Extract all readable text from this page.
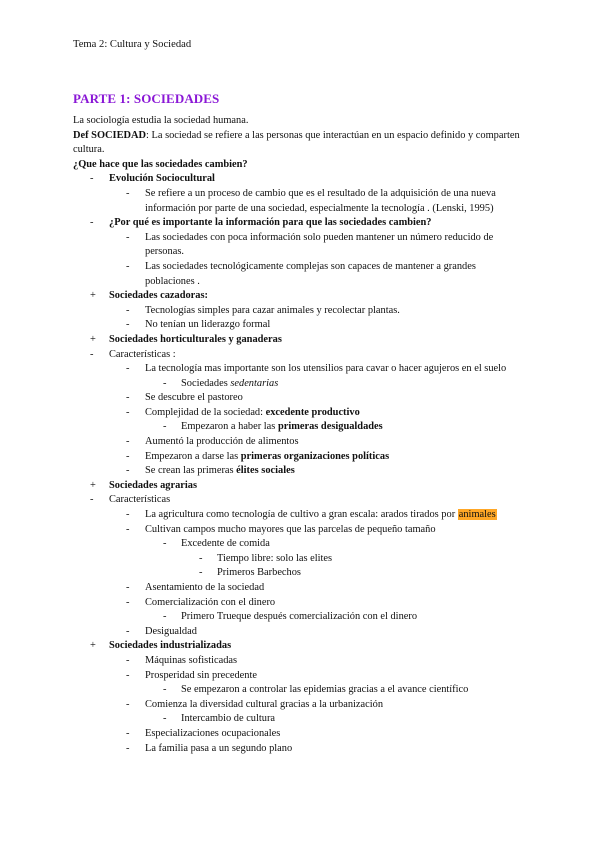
Tema 2: Cultura y Sociedad
PARTE 1: SOCIEDADES

La sociología estudia la sociedad humana.

Def SOCIEDAD: La sociedad se refiere a las personas que interactúan en un espacio definido y comparten cultura.

¿Que hace que las sociedades cambien?

- Evolución Sociocultural
- Se refiere a un proceso de cambio que es el resultado de la adquisición de una nueva información por parte de una sociedad, especialmente la tecnología . (Lenski, 1995)
- ¿Por qué es importante la información para que las sociedades cambien?
- Las sociedades con poca información solo pueden mantener un número reducido de personas.
- Las sociedades tecnológicamente complejas son capaces de mantener a grandes poblaciones .
+ Sociedades cazadoras:
- Tecnologías simples para cazar animales y recolectar plantas.
- No tenían un liderazgo formal
+ Sociedades horticulturales y ganaderas
- Características :
- La tecnología mas importante son los utensilios para cavar o hacer agujeros en el suelo
- Sociedades sedentarias
- Se descubre el pastoreo
- Complejidad de la sociedad: excedente productivo
- Empezaron a haber las primeras desigualdades
- Aumentó la producción de alimentos
- Empezaron a darse las primeras organizaciones políticas
- Se crean las primeras élites sociales
+ Sociedades agrarias
- Características
- La agricultura como tecnología de cultivo a gran escala: arados tirados por animales
- Cultivan campos mucho mayores que las parcelas de pequeño tamaño
- Excedente de comida
- Tiempo libre: solo las elites
- Primeros Barbechos
- Asentamiento de la sociedad
- Comercialización con el dinero
- Primero Trueque después comercialización con el dinero
- Desigualdad
+ Sociedades industrializadas
- Máquinas sofisticadas
- Prosperidad sin precedente
- Se empezaron a controlar las epidemias gracias a el avance científico
- Comienza la diversidad cultural gracias a la urbanización
- Intercambio de cultura
- Especializaciones ocupacionales
- La familia pasa a un segundo plano
